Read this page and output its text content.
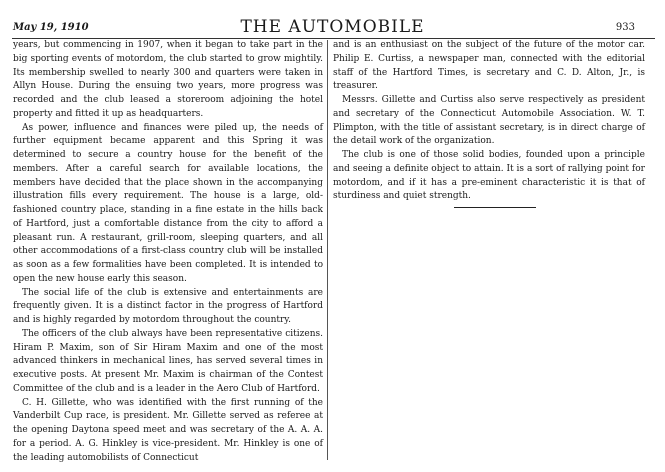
May 19, 1910	THE AUTOMOBILE	933

years, but commencing in 1907, when it began to take part in the big sporting events of motordom, the club started to grow mightily. Its membership swelled to nearly 300 and quarters were taken in Allyn House. During the ensuing two years, more progress was recorded and the club leased a storeroom adjoining the hotel property and fitted it up as headquarters.

As power, influence and finances were piled up, the needs of further equipment became apparent and this Spring it was determined to secure a country house for the benefit of the members. After a careful search for available locations, the members have decided that the place shown in the accompanying illustration fills every requirement. The house is a large, old-fashioned country place, standing in a fine estate in the hills back of Hartford, just a comfortable distance from the city to afford a pleasant run. A restaurant, grill-room, sleeping quarters, and all other accommodations of a first-class country club will be installed as soon as a few formalities have been completed. It is intended to open the new house early this season.

The social life of the club is extensive and entertainments are frequently given. It is a distinct factor in the progress of Hartford and is highly regarded by motordom throughout the country.

The officers of the club always have been representative citizens. Hiram P. Maxim, son of Sir Hiram Maxim and one of the most advanced thinkers in mechanical lines, has served several times in executive posts. At present Mr. Maxim is chairman of the Contest Committee of the club and is a leader in the Aero Club of Hartford.

C. H. Gillette, who was identified with the first running of the Vanderbilt Cup race, is president. Mr. Gillette served as referee at the opening Daytona speed meet and was secretary of the A. A. A. for a period. A. G. Hinkley is vice-president. Mr. Hinkley is one of the leading automobilists of Connecticut

and is an enthusiast on the subject of the future of the motor car. Philip E. Curtiss, a newspaper man, connected with the editorial staff of the Hartford Times, is secretary and C. D. Alton, Jr., is treasurer.

Messrs. Gillette and Curtiss also serve respectively as president and secretary of the Connecticut Automobile Association. W. T. Plimpton, with the title of assistant secretary, is in direct charge of the detail work of the organization.

The club is one of those solid bodies, founded upon a principle and seeing a definite object to attain. It is a sort of rallying point for motordom, and if it has a pre-eminent characteristic it is that of sturdiness and quiet strength.
